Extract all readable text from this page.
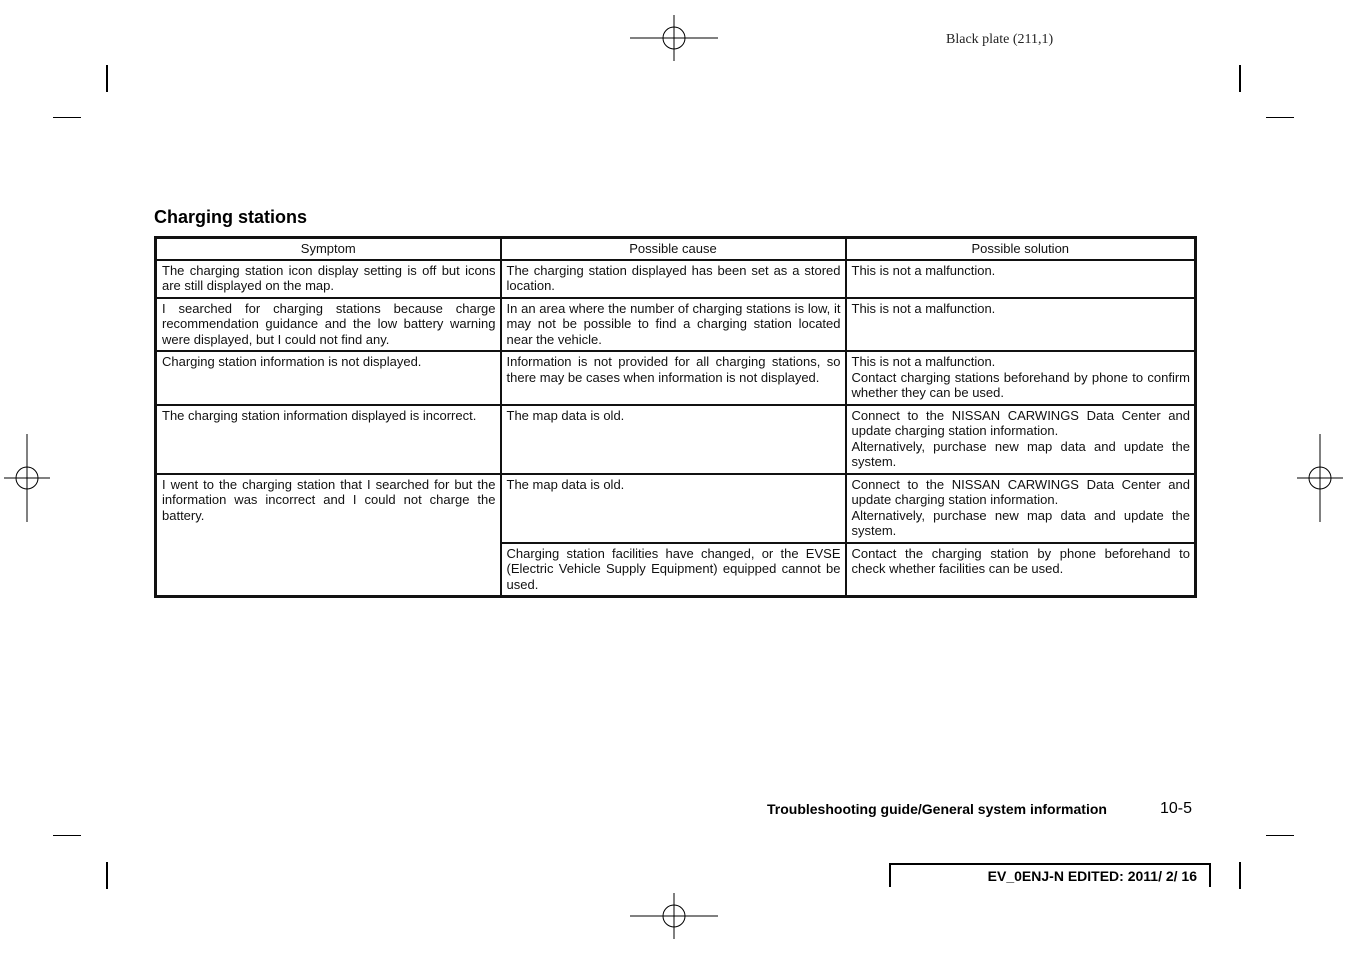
Black plate (211,1)
Charging stations
Symptom	Possible cause	Possible solution
The charging station icon display setting is off but icons are still displayed on the map.	The charging station displayed has been set as a stored location.	This is not a malfunction.

I searched for charging stations because charge recommendation guidance and the low battery warning were displayed, but I could not find any.	In an area where the number of charging stations is low, it may not be possible to find a charging station located near the vehicle.	This is not a malfunction.

Charging station information is not displayed.	Information is not provided for all charging stations, so there may be cases when information is not displayed.	This is not a malfunction.
Contact charging stations beforehand by phone to confirm whether they can be used.

The charging station information displayed is incorrect.	The map data is old.	Connect to the NISSAN CARWINGS Data Center and update charging station information.
Alternatively, purchase new map data and update the system.

I went to the charging station that I searched for but the information was incorrect and I could not charge the battery.	The map data is old.	Connect to the NISSAN CARWINGS Data Center and update charging station information.
Alternatively, purchase new map data and update the system.

	Charging station facilities have changed, or the EVSE (Electric Vehicle Supply Equipment) equipped cannot be used.	Contact the charging station by phone beforehand to check whether facilities can be used.
Troubleshooting guide/General system information	10-5
EV_0ENJ-N EDITED: 2011/ 2/ 16
